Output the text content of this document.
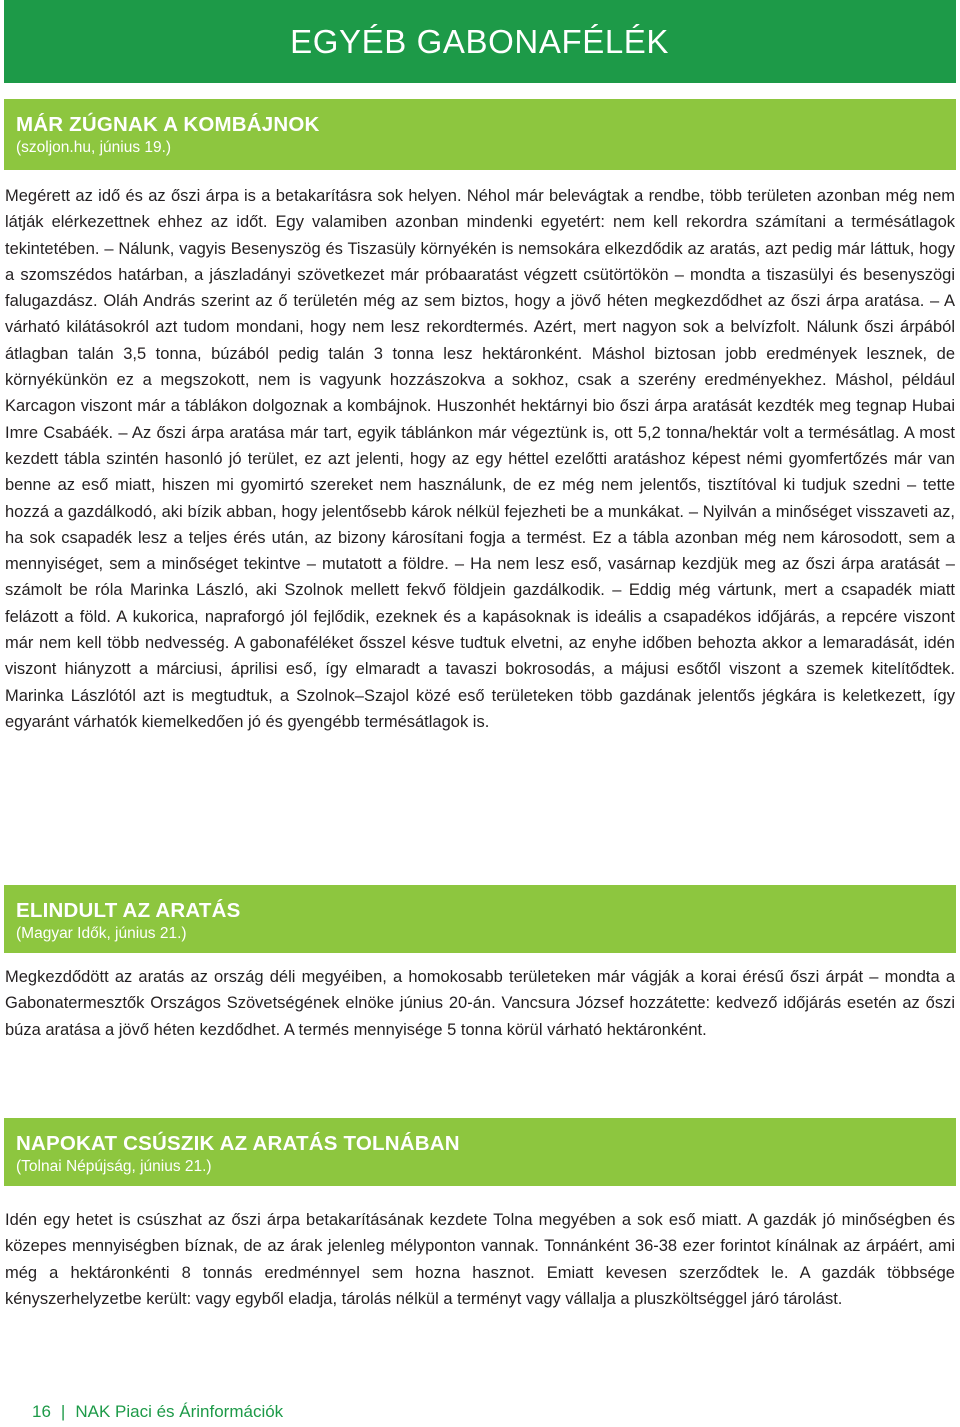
EGYÉB GABONAFÉLÉK
MÁR ZÚGNAK A KOMBÁJNOK
(szoljon.hu, június 19.)

Megérett az idő és az őszi árpa is a betakarításra sok helyen. Néhol már belevágtak a rendbe, több területen azonban még nem látják elérkezettnek ehhez az időt. Egy valamiben azonban mindenki egyetért: nem kell rekordra számítani a termésátlagok tekintetében. – Nálunk, vagyis Besenyszög és Tiszasüly környékén is nemsokára elkezdődik az aratás, azt pedig már láttuk, hogy a szomszédos határban, a jászladányi szövetkezet már próbaaratást végzett csütörtökön – mondta a tiszasülyi és besenyszögi falugazdász. Oláh András szerint az ő területén még az sem biztos, hogy a jövő héten megkezdődhet az őszi árpa aratása. – A várható kilátásokról azt tudom mondani, hogy nem lesz rekordtermés. Azért, mert nagyon sok a belvízfolt. Nálunk őszi árpából átlagban talán 3,5 tonna, búzából pedig talán 3 tonna lesz hektáronként. Máshol biztosan jobb eredmények lesznek, de környékünkön ez a megszokott, nem is vagyunk hozzászokva a sokhoz, csak a szerény eredményekhez. Máshol, például Karcagon viszont már a táblákon dolgoznak a kombájnok. Huszonhét hektárnyi bio őszi árpa aratását kezdték meg tegnap Hubai Imre Csabáék. – Az őszi árpa aratása már tart, egyik táblánkon már végeztünk is, ott 5,2 tonna/hektár volt a termésátlag. A most kezdett tábla szintén hasonló jó terület, ez azt jelenti, hogy az egy héttel ezelőtti aratáshoz képest némi gyomfertőzés már van benne az eső miatt, hiszen mi gyomirtó szereket nem használunk, de ez még nem jelentős, tisztítóval ki tudjuk szedni – tette hozzá a gazdálkodó, aki bízik abban, hogy jelentősebb károk nélkül fejezheti be a munkákat. – Nyilván a minőséget visszaveti az, ha sok csapadék lesz a teljes érés után, az bizony károsítani fogja a termést. Ez a tábla azonban még nem károsodott, sem a mennyiséget, sem a minőséget tekintve – mutatott a földre. – Ha nem lesz eső, vasárnap kezdjük meg az őszi árpa aratását – számolt be róla Marinka László, aki Szolnok mellett fekvő földjein gazdálkodik. – Eddig még vártunk, mert a csapadék miatt felázott a föld. A kukorica, napraforgó jól fejlődik, ezeknek és a kapásoknak is ideális a csapadékos időjárás, a repcére viszont már nem kell több nedvesség. A gabonaféléket ősszel késve tudtuk elvetni, az enyhe időben behozta akkor a lemaradását, idén viszont hiányzott a márciusi, áprilisi eső, így elmaradt a tavaszi bokrosodás, a májusi esőtől viszont a szemek kitelítődtek. Marinka Lászlótól azt is megtudtuk, a Szolnok–Szajol közé eső területeken több gazdának jelentős jégkára is keletkezett, így egyaránt várhatók kiemelkedően jó és gyengébb termésátlagok is.

ELINDULT AZ ARATÁS
(Magyar Idők, június 21.)

Megkezdődött az aratás az ország déli megyéiben, a homokosabb területeken már vágják a korai érésű őszi árpát – mondta a Gabonatermesztők Országos Szövetségének elnöke június 20-án. Vancsura József hozzátette: kedvező időjárás esetén az őszi búza aratása a jövő héten kezdődhet. A termés mennyisége 5 tonna körül várható hektáronként.

NAPOKAT CSÚSZIK AZ ARATÁS TOLNÁBAN
(Tolnai Népújság, június 21.)

Idén egy hetet is csúszhat az őszi árpa betakarításának kezdete Tolna megyében a sok eső miatt. A gazdák jó minőségben és közepes mennyiségben bíznak, de az árak jelenleg mélyponton vannak. Tonnánként 36-38 ezer forintot kínálnak az árpáért, ami még a hektáronkénti 8 tonnás eredménnyel sem hozna hasznot. Emiatt kevesen szerződtek le. A gazdák többsége kényszerhelyzetbe került: vagy egyből eladja, tárolás nélkül a terményt vagy vállalja a pluszköltséggel járó tárolást.

16 | NAK Piaci és Árinformációk
